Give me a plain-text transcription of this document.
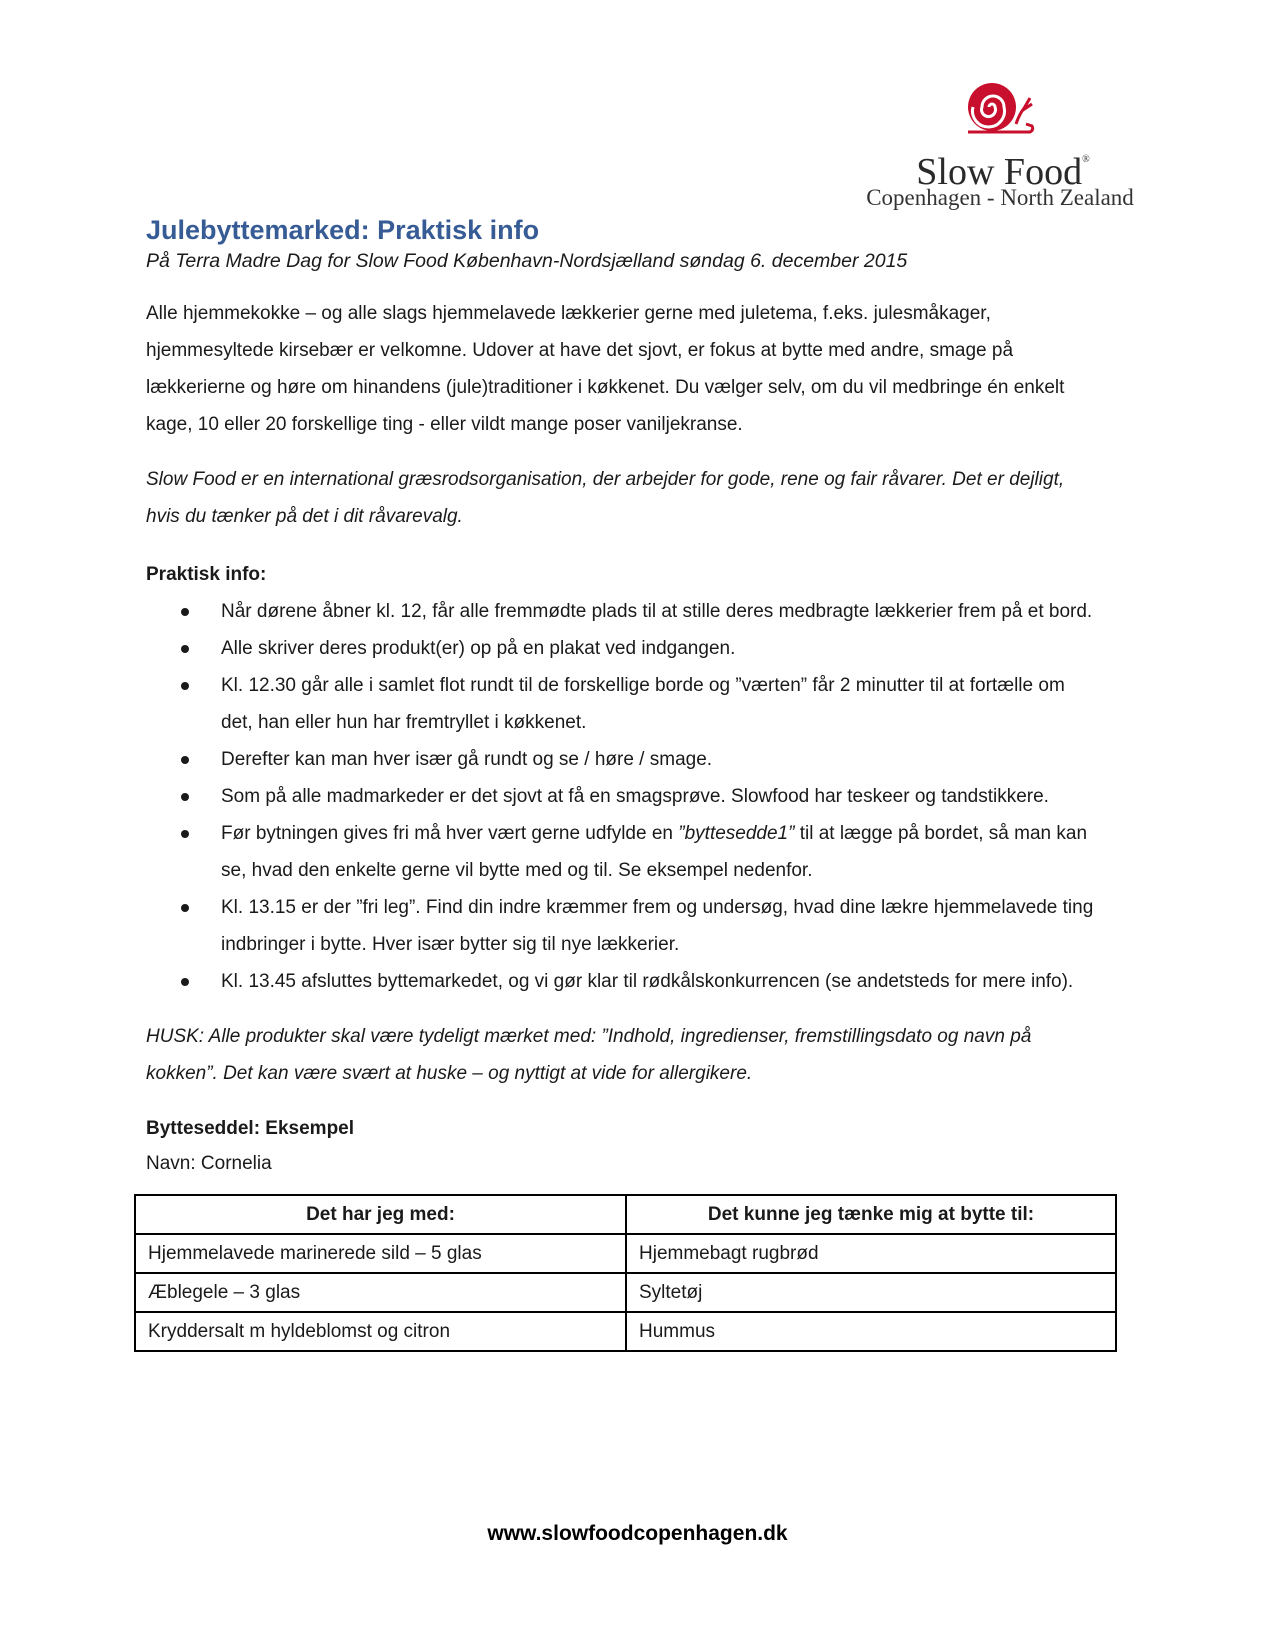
Slow Food®
Copenhagen - North Zealand
Julebyttemarked: Praktisk info

På Terra Madre Dag for Slow Food København-Nordsjælland søndag 6. december 2015

Alle hjemmekokke – og alle slags hjemmelavede lækkerier gerne med juletema, f.eks. julesmåkager,

hjemmesyltede kirsebær er velkomne. Udover at have det sjovt, er fokus at bytte med andre, smage på

lækkerierne og høre om hinandens (jule)traditioner i køkkenet. Du vælger selv, om du vil medbringe én enkelt

kage, 10 eller 20 forskellige ting - eller vildt mange poser vaniljekranse.

Slow Food er en international græsrodsorganisation, der arbejder for gode, rene og fair råvarer. Det er dejligt,

hvis du tænker på det i dit råvarevalg.

Praktisk info:
Når dørene åbner kl. 12, får alle fremmødte plads til at stille deres medbragte lækkerier frem på et bord.
Alle skriver deres produkt(er) op på en plakat ved indgangen.
Kl. 12.30 går alle i samlet flot rundt til de forskellige borde og ”værten” får 2 minutter til at fortælle om
det, han eller hun har fremtryllet i køkkenet.
Derefter kan man hver især gå rundt og se / høre / smage.
Som på alle madmarkeder er det sjovt at få en smagsprøve. Slowfood har teskeer og tandstikkere.
Før bytningen gives fri må hver vært gerne udfylde en ”byttesedde1” til at lægge på bordet, så man kan
se, hvad den enkelte gerne vil bytte med og til. Se eksempel nedenfor.
Kl. 13.15 er der ”fri leg”. Find din indre kræmmer frem og undersøg, hvad dine lækre hjemmelavede ting
indbringer i bytte. Hver især bytter sig til nye lækkerier.
Kl. 13.45 afsluttes byttemarkedet, og vi gør klar til rødkålskonkurrencen (se andetsteds for mere info).

HUSK: Alle produkter skal være tydeligt mærket med: ”Indhold, ingredienser, fremstillingsdato og navn på

kokken”. Det kan være svært at huske – og nyttigt at vide for allergikere.

Bytteseddel: Eksempel

Navn: Cornelia

Det har jeg med:	Det kunne jeg tænke mig at bytte til:
Hjemmelavede marinerede sild – 5 glas	Hjemmebagt rugbrød
Æblegele – 3 glas	Syltetøj
Kryddersalt m hyldeblomst og citron	Hummus
www.slowfoodcopenhagen.dk
